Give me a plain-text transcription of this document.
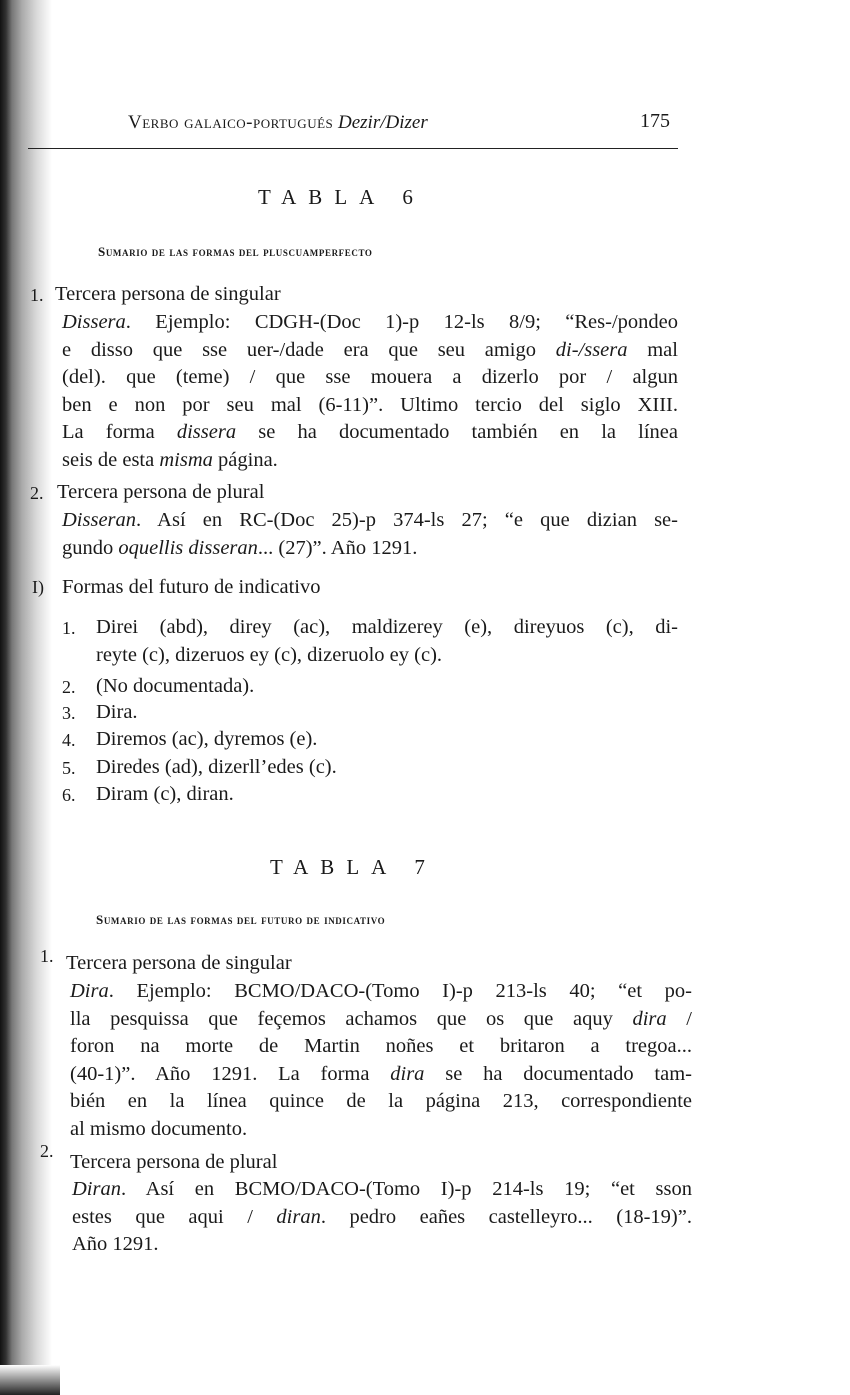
Verbo galaico-portugués Dezir/Dizer	175
TABLA 6
Sumario de las formas del pluscuamperfecto
1. Tercera persona de singular
Dissera. Ejemplo: CDGH-(Doc 1)-p 12-ls 8/9; “Res-/pondeo
e disso que sse uer-/dade era que seu amigo di-/ssera mal
(del). que (teme) / que sse mouera a dizerlo por / algun
ben e non por seu mal (6-11)”. Ultimo tercio del siglo XIII.
La forma dissera se ha documentado también en la línea
seis de esta misma página.
2. Tercera persona de plural
Disseran. Así en RC-(Doc 25)-p 374-ls 27; “e que dizian se-
gundo oquellis disseran... (27)”. Año 1291.
I) Formas del futuro de indicativo
1. Direi (abd), direy (ac), maldizerey (e), direyuos (c), di-
reyte (c), dizeruos ey (c), dizeruolo ey (c).
2. (No documentada).
3. Dira.
4. Diremos (ac), dyremos (e).
5. Diredes (ad), dizerll’edes (c).
6. Diram (c), diran.
TABLA 7
Sumario de las formas del futuro de indicativo
1. Tercera persona de singular
Dira. Ejemplo: BCMO/DACO-(Tomo I)-p 213-ls 40; “et po-
lla pesquissa que feçemos achamos que os que aquy dira /
foron na morte de Martin noñes et britaron a tregoa...
(40-1)”. Año 1291. La forma dira se ha documentado tam-
bién en la línea quince de la página 213, correspondiente
al mismo documento.
2. Tercera persona de plural
Diran. Así en BCMO/DACO-(Tomo I)-p 214-ls 19; “et sson
estes que aqui / diran. pedro eañes castelleyro... (18-19)”.
Año 1291.
